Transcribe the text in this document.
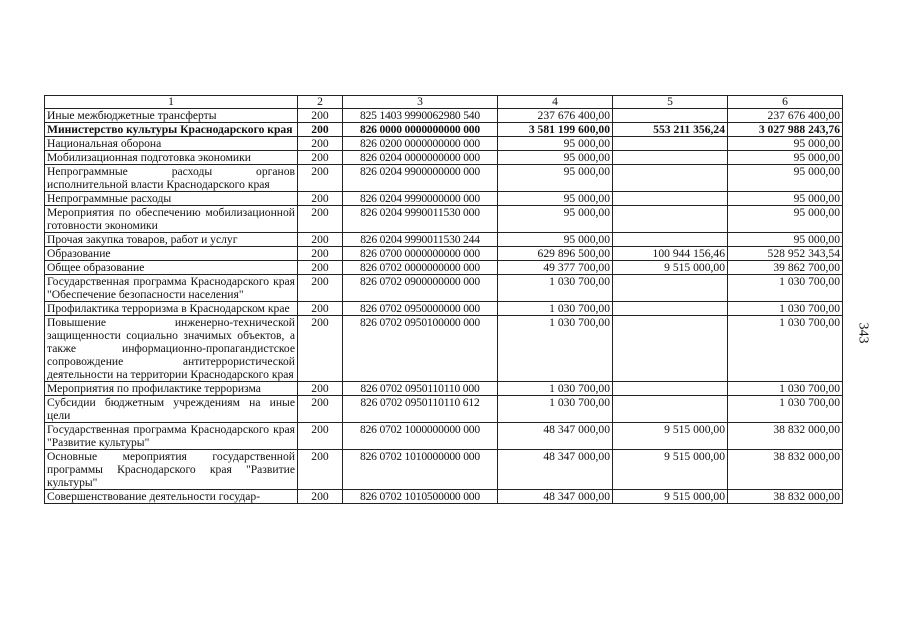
1	2	3	4	5	6
Иные межбюджетные трансферты	200	825 1403 9990062980 540	237 676 400,00		237 676 400,00
Министерство культуры Краснодарского края	200	826 0000 0000000000 000	3 581 199 600,00	553 211 356,24	3 027 988 243,76
Национальная оборона	200	826 0200 0000000000 000	95 000,00		95 000,00
Мобилизационная подготовка экономики	200	826 0204 0000000000 000	95 000,00		95 000,00
Непрограммные расходы органов исполнительной власти Краснодарского края	200	826 0204 9900000000 000	95 000,00		95 000,00
Непрограммные расходы	200	826 0204 9990000000 000	95 000,00		95 000,00
Мероприятия по обеспечению мобилизационной готовности экономики	200	826 0204 9990011530 000	95 000,00		95 000,00
Прочая закупка товаров, работ и услуг	200	826 0204 9990011530 244	95 000,00		95 000,00
Образование	200	826 0700 0000000000 000	629 896 500,00	100 944 156,46	528 952 343,54
Общее образование	200	826 0702 0000000000 000	49 377 700,00	9 515 000,00	39 862 700,00
Государственная программа Краснодарского края "Обеспечение безопасности населения"	200	826 0702 0900000000 000	1 030 700,00		1 030 700,00
Профилактика терроризма в Краснодарском крае	200	826 0702 0950000000 000	1 030 700,00		1 030 700,00
Повышение инженерно-технической защищенности социально значимых объектов, а также информационно-пропагандистское сопровождение антитеррористической деятельности на территории Краснодарского края	200	826 0702 0950100000 000	1 030 700,00		1 030 700,00
Мероприятия по профилактике терроризма	200	826 0702 0950110110 000	1 030 700,00		1 030 700,00
Субсидии бюджетным учреждениям на иные цели	200	826 0702 0950110110 612	1 030 700,00		1 030 700,00
Государственная программа Краснодарского края "Развитие культуры"	200	826 0702 1000000000 000	48 347 000,00	9 515 000,00	38 832 000,00
Основные мероприятия государственной программы Краснодарского края "Развитие культуры"	200	826 0702 1010000000 000	48 347 000,00	9 515 000,00	38 832 000,00
Совершенствование деятельности государ-	200	826 0702 1010500000 000	48 347 000,00	9 515 000,00	38 832 000,00
343
